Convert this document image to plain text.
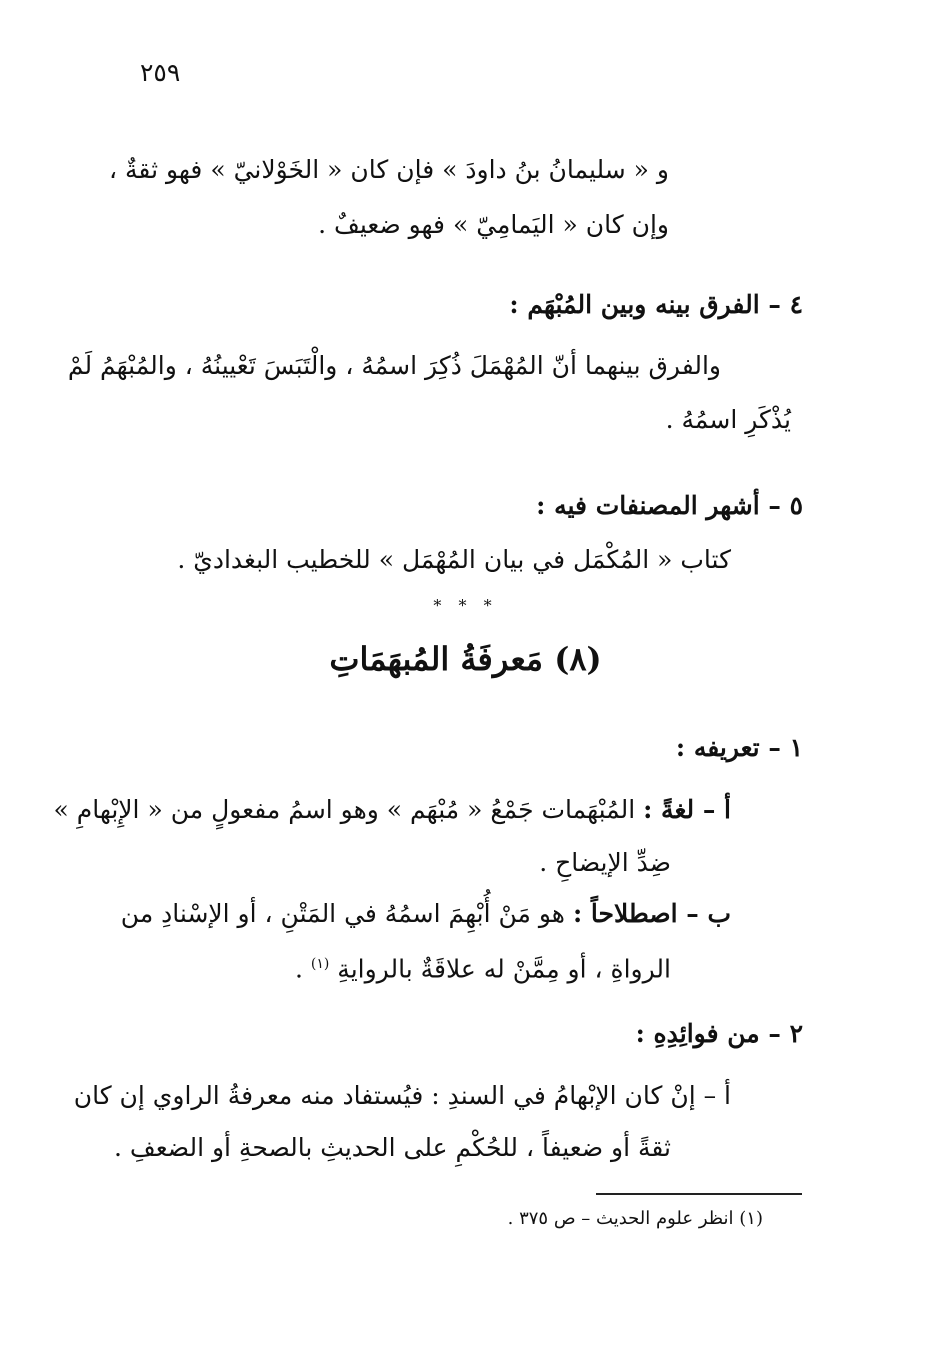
٢٥٩
و « سليمانُ بنُ داودَ » فإن كان « الخَوْلانيّ » فهو ثقةٌ ،
وإن كان « اليَمامِيّ » فهو ضعيفٌ .
٤ – الفرق بينه وبين المُبْهَم :
والفرق بينهما أنّ المُهْمَلَ ذُكِرَ اسمُهُ ، والْتَبَسَ تَعْيينُهُ ، والمُبْهَمُ لَمْ
يُذْكَرِ اسمُهُ .
٥ – أشهر المصنفات فيه :
كتاب « المُكْمَل في بيان المُهْمَل » للخطيب البغداديّ .
* * *
(٨) مَعرفَةُ المُبهَمَاتِ
١ – تعريفه :
أ – لغةً : المُبْهَمات جَمْعُ « مُبْهَم » وهو اسمُ مفعولٍ من « الإِبْهامِ »
ضِدِّ الإيضاحِ .
ب – اصطلاحاً : هو مَنْ أُبْهِمَ اسمُهُ في المَتْنِ ، أو الإسْنادِ من
الرواةِ ، أو مِمَّنْ له علاقَةٌ بالروايةِ $^{(١)}$ .
٢ – من فوائِدِهِ :
أ – إنْ كان الإبْهامُ في السندِ : فيُستفاد منه معرفةُ الراوي إن كان
ثقةً أو ضعيفاً ، للحُكْمِ على الحديثِ بالصحةِ أو الضعفِ .
(١) انظر علوم الحديث – ص ٣٧٥ .
